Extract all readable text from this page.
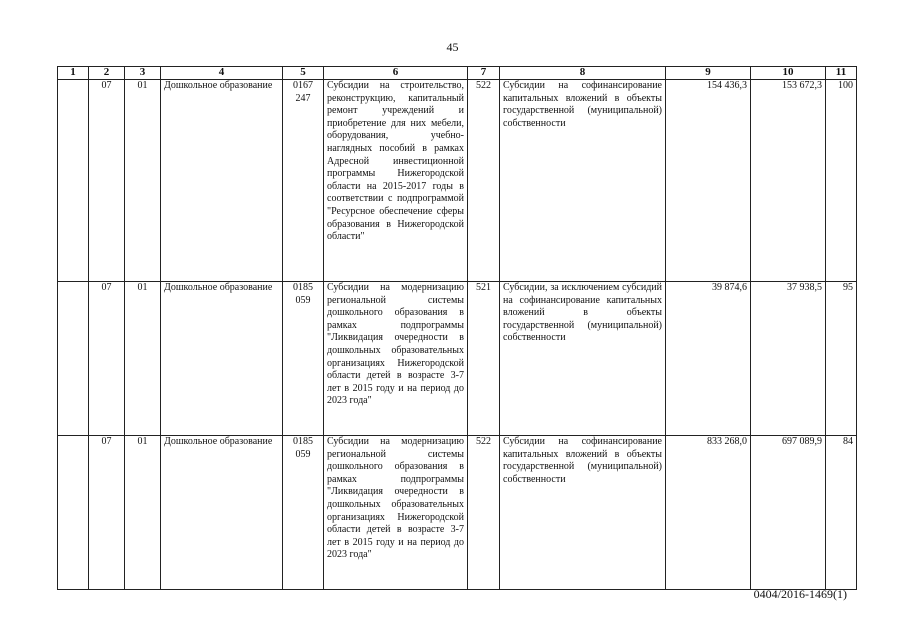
45
1	2	3	4	5	6	7	8	9	10	11
	07	01	Дошкольное образование	0167 247	Субсидии на строительство, реконструкцию, капитальный ремонт учреждений и приобретение для них мебели, оборудования, учебно-наглядных пособий в рамках Адресной инвестиционной программы Нижегородской области на 2015-2017 годы в соответствии с подпрограммой "Ресурсное обеспечение сферы образования в Нижегородской области"	522	Субсидии на софинансирование капитальных вложений в объекты государственной (муниципальной) собственности	154 436,3	153 672,3	100
	07	01	Дошкольное образование	0185 059	Субсидии на модернизацию региональной системы дошкольного образования в рамках подпрограммы "Ликвидация очередности в дошкольных образовательных организациях Нижегородской области детей в возрасте 3-7 лет в 2015 году и на период до 2023 года"	521	Субсидии, за исключением субсидий на софинансирование капитальных вложений в объекты государственной (муниципальной) собственности	39 874,6	37 938,5	95
	07	01	Дошкольное образование	0185 059	Субсидии на модернизацию региональной системы дошкольного образования в рамках подпрограммы "Ликвидация очередности в дошкольных образовательных организациях Нижегородской области детей в возрасте 3-7 лет в 2015 году и на период до 2023 года"	522	Субсидии на софинансирование капитальных вложений в объекты государственной (муниципальной) собственности	833 268,0	697 089,9	84
0404/2016-1469(1)
